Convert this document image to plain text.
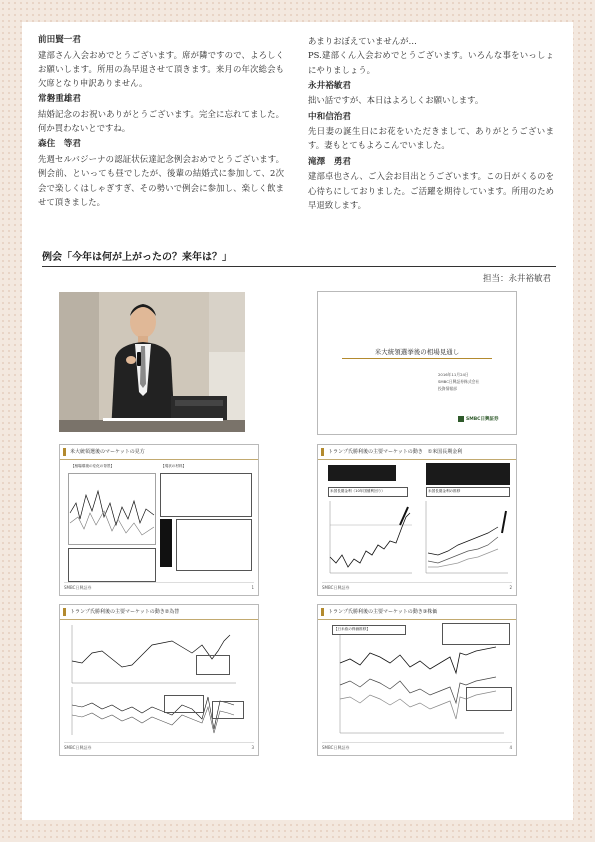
前田賢一君
建部さん入会おめでとうございます。席が隣ですので、よろしくお願いします。所用の為早退させて頂きます。来月の年次総会も欠席となり申訳ありません。
常磐重雄君
結婚記念のお祝いありがとうございます。完全に忘れてました。何か買わないとですね。
森住　等君
先週セルバジーナの認証状伝達記念例会おめでとうございます。例会前、といっても昼でしたが、後輩の結婚式に参加して、2次会で楽しくはしゃぎすぎ、その勢いで例会に参加し、楽しく飲ませて頂きました。
あまりおぼえていませんが…
PS.建部くん入会おめでとうございます。いろんな事をいっしょにやりましょう。
永井裕敏君
拙い話ですが、本日はよろしくお願いします。
中和信治君
先日妻の誕生日にお花をいただきまして、ありがとうございます。妻もとてもよろこんでいました。
滝澤　勇君
建部卓也さん、ご入会お目出とうございます。この日がくるのを心待ちにしておりました。ご活躍を期待しています。所用のため早退致します。
例会「今年は何が上がったの？来年は？」
担当：永井裕敏君
米大統領選挙後の相場見通し
2016年11月24日
SMBC日興証券株式会社
投資情報部
SMBC日興証券
米大統領選後のマーケットの見方
【相場環境の変化の背景】	【現状の材料】
SMBC日興証券	1
トランプ氏勝利後の主要マーケットの動き　①米国長期金利
米国長期金利（10年国債利回り）	米国長期金利の推移
SMBC日興証券	2
トランプ氏勝利後の主要マーケットの動き②為替
SMBC日興証券	3
トランプ氏勝利後の主要マーケットの動き③株価
【日米欧の株価推移】
SMBC日興証券	4
